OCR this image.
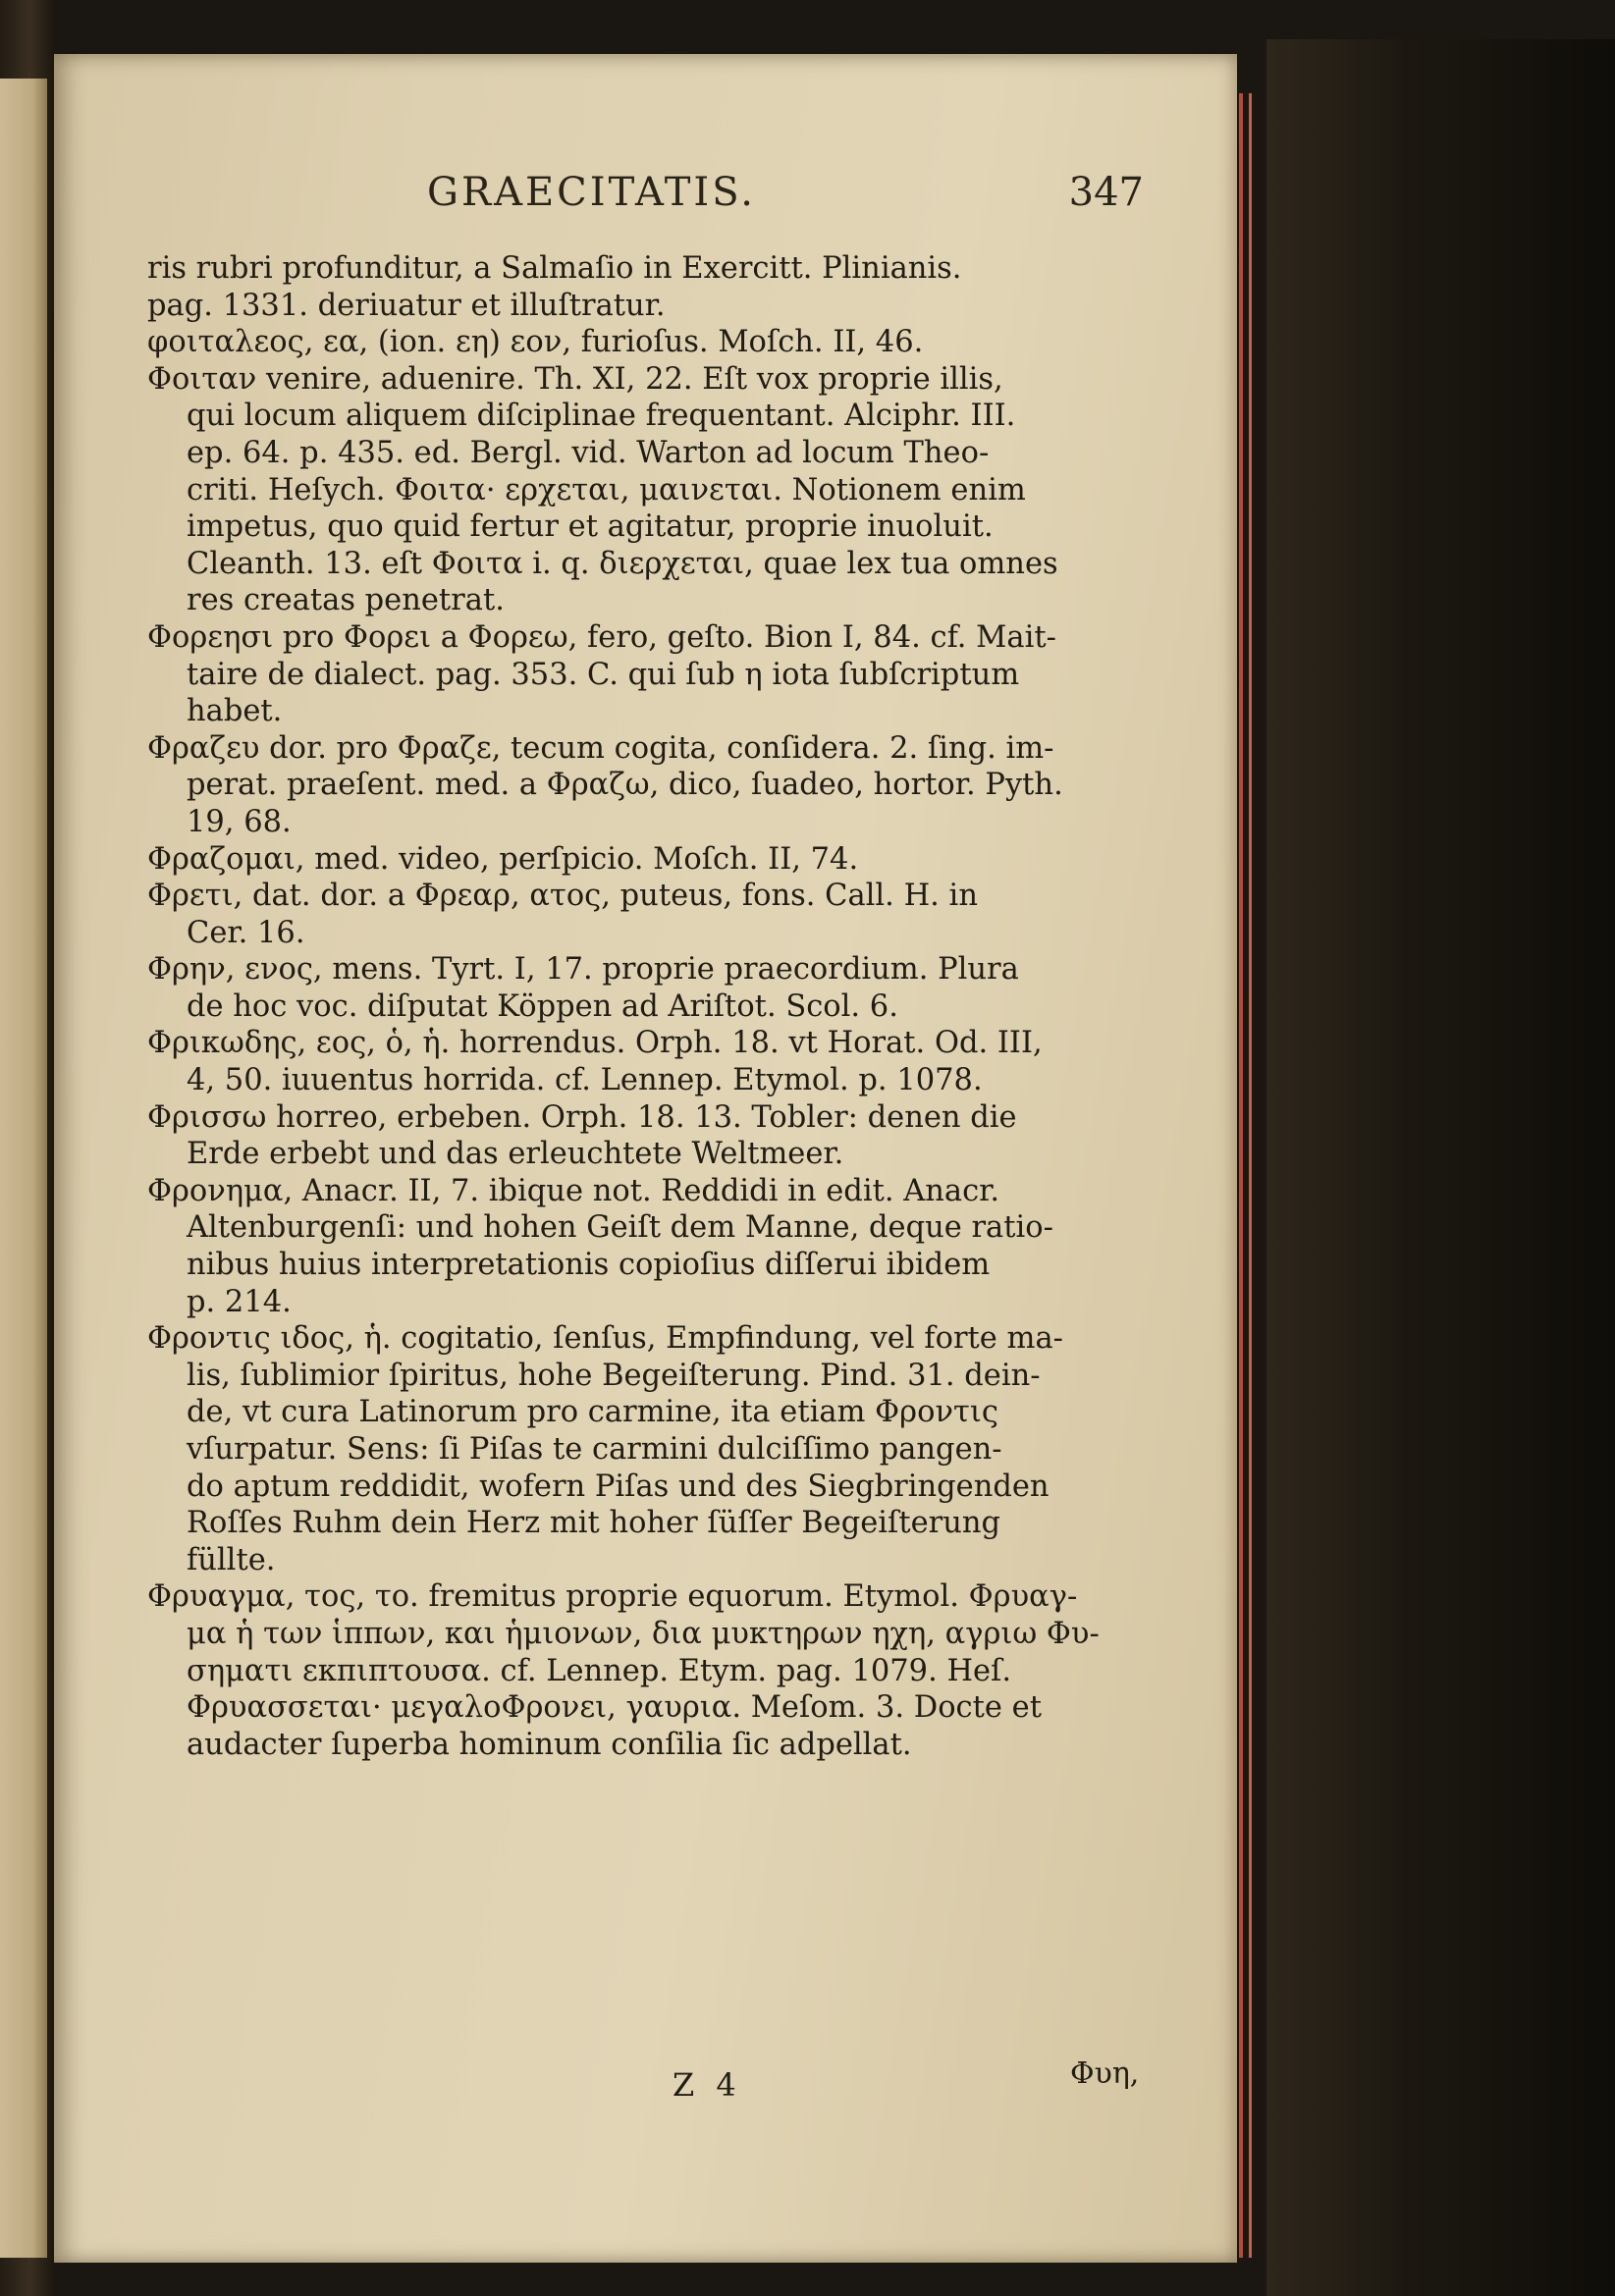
GRAECITATIS.	347
ris rubri profunditur, a Salmaſio in Exercitt. Plinianis.
pag. 1331. deriuatur et illuſtratur.
φοιταλεος, εα, (ion. εη) εον, furioſus. Moſch. II, 46.
Φοιταν venire, aduenire. Th. XI, 22. Eſt vox proprie illis,
qui locum aliquem diſciplinae frequentant. Alciphr. III.
ep. 64. p. 435. ed. Bergl. vid. Warton ad locum Theo-
criti. Heſych. Φοιτα· ερχεται, μαινεται. Notionem enim
impetus, quo quid fertur et agitatur, proprie inuoluit.
Cleanth. 13. eſt Φοιτα i. q. διερχεται, quae lex tua omnes
res creatas penetrat.
Φορεησι pro Φορει a Φορεω, fero, geſto. Bion I, 84. cf. Mait-
taire de dialect. pag. 353. C. qui ſub η iota ſubſcriptum
habet.
Φραζευ dor. pro Φραζε, tecum cogita, conſidera. 2. ſing. im-
perat. praeſent. med. a Φραζω, dico, ſuadeo, hortor. Pyth.
19, 68.
Φραζομαι, med. video, perſpicio. Moſch. II, 74.
Φρετι, dat. dor. a Φρεαρ, ατος, puteus, fons. Call. H. in
Cer. 16.
Φρην, ενος, mens. Tyrt. I, 17. proprie praecordium. Plura
de hoc voc. diſputat Köppen ad Ariſtot. Scol. 6.
Φρικωδης, εος, ὁ, ἡ. horrendus. Orph. 18. vt Horat. Od. III,
4, 50. iuuentus horrida. cf. Lennep. Etymol. p. 1078.
Φρισσω horreo, erbeben. Orph. 18. 13. Tobler: denen die
Erde erbebt und das erleuchtete Weltmeer.
Φρονημα, Anacr. II, 7. ibique not. Reddidi in edit. Anacr.
Altenburgenſi: und hohen Geiſt dem Manne, deque ratio-
nibus huius interpretationis copioſius diſſerui ibidem
p. 214.
Φροντις ιδος, ἡ. cogitatio, ſenſus, Empfindung, vel forte ma-
lis, ſublimior ſpiritus, hohe Begeiſterung. Pind. 31. dein-
de, vt cura Latinorum pro carmine, ita etiam Φροντις
vſurpatur. Sens: ſi Piſas te carmini dulciſſimo pangen-
do aptum reddidit, wofern Piſas und des Siegbringenden
Roſſes Ruhm dein Herz mit hoher ſüſſer Begeiſterung
füllte.
Φρυαγμα, τος, το. fremitus proprie equorum. Etymol. Φρυαγ-
μα ἡ των ἱππων, και ἡμιονων, δια μυκτηρων ηχη, αγριω Φυ-
σηματι εκπιπτουσα. cf. Lennep. Etym. pag. 1079. Heſ.
Φρυασσεται· μεγαλοΦρονει, γαυρια. Meſom. 3. Docte et
audacter ſuperba hominum conſilia ſic adpellat.
Z 4	Φυη,
